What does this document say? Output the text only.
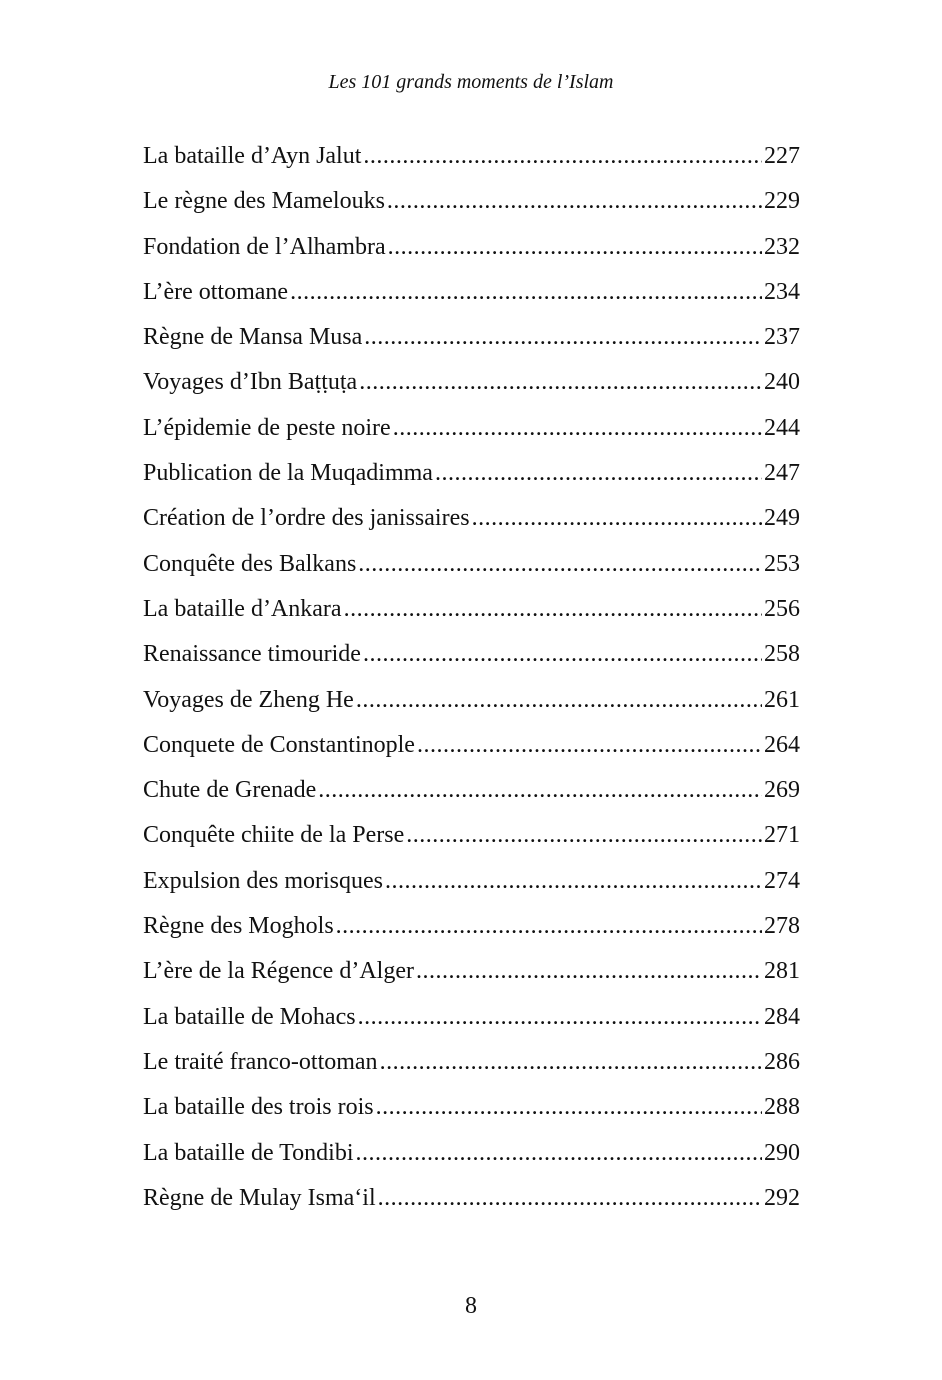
Les 101 grands moments de l’Islam
La bataille d’Ayn Jalut .....	227
Le règne des Mamelouks .....	229
Fondation de l’Alhambra .....	232
L’ère ottomane .....	234
Règne de Mansa Musa .....	237
Voyages d’Ibn Baṭṭuṭa .....	240
L’épidemie de peste noire .....	244
Publication de la Muqadimma .....	247
Création de l’ordre des janissaires .....	249
Conquête des Balkans .....	253
La bataille d’Ankara .....	256
Renaissance timouride .....	258
Voyages de Zheng He .....	261
Conquete de Constantinople .....	264
Chute de Grenade .....	269
Conquête chiite de la Perse .....	271
Expulsion des morisques .....	274
Règne des Moghols .....	278
L’ère de la Régence d’Alger .....	281
La bataille de Mohacs .....	284
Le traité franco-ottoman .....	286
La bataille des trois rois .....	288
La bataille de Tondibi .....	290
Règne de Mulay Isma‘il .....	292
8
